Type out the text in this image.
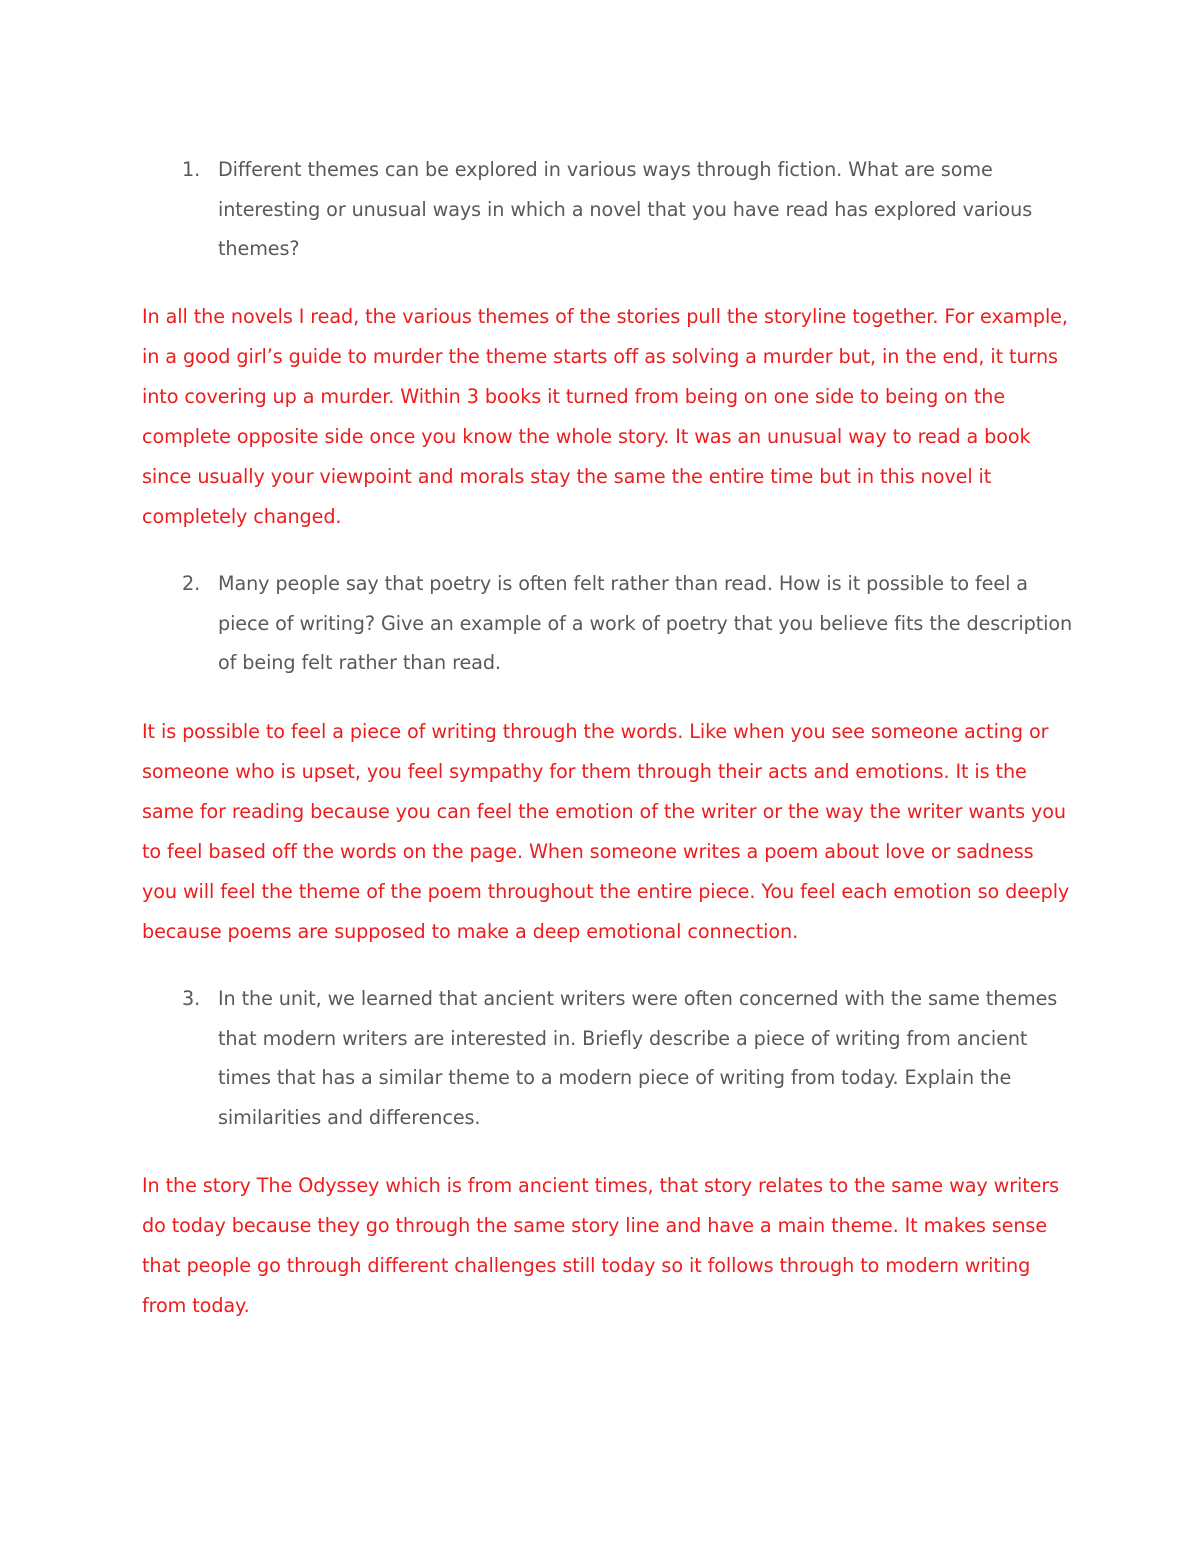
1. Different themes can be explored in various ways through fiction. What are some interesting or unusual ways in which a novel that you have read has explored various themes?
In all the novels I read, the various themes of the stories pull the storyline together. For example, in a good girl’s guide to murder the theme starts off as solving a murder but, in the end, it turns into covering up a murder. Within 3 books it turned from being on one side to being on the complete opposite side once you know the whole story. It was an unusual way to read a book since usually your viewpoint and morals stay the same the entire time but in this novel it completely changed.
2. Many people say that poetry is often felt rather than read. How is it possible to feel a piece of writing? Give an example of a work of poetry that you believe fits the description of being felt rather than read.
It is possible to feel a piece of writing through the words. Like when you see someone acting or someone who is upset, you feel sympathy for them through their acts and emotions. It is the same for reading because you can feel the emotion of the writer or the way the writer wants you to feel based off the words on the page. When someone writes a poem about love or sadness you will feel the theme of the poem throughout the entire piece. You feel each emotion so deeply because poems are supposed to make a deep emotional connection.
3. In the unit, we learned that ancient writers were often concerned with the same themes that modern writers are interested in. Briefly describe a piece of writing from ancient times that has a similar theme to a modern piece of writing from today. Explain the similarities and differences.
In the story The Odyssey which is from ancient times, that story relates to the same way writers do today because they go through the same story line and have a main theme. It makes sense that people go through different challenges still today so it follows through to modern writing from today.
